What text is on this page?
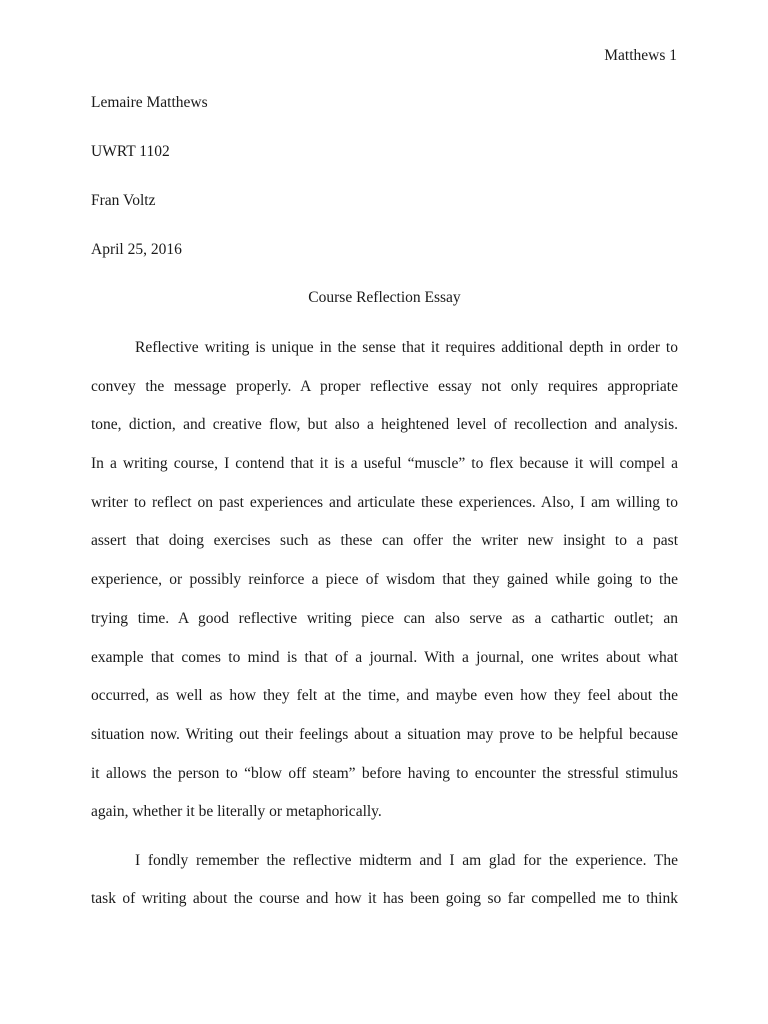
Matthews 1
Lemaire Matthews
UWRT 1102
Fran Voltz
April 25, 2016
Course Reflection Essay
Reflective writing is unique in the sense that it requires additional depth in order to
convey the message properly. A proper reflective essay not only requires appropriate
tone, diction, and creative flow, but also a heightened level of recollection and analysis.
In a writing course, I contend that it is a useful “muscle” to flex because it will compel a
writer to reflect on past experiences and articulate these experiences. Also, I am willing to
assert that doing exercises such as these can offer the writer new insight to a past
experience, or possibly reinforce a piece of wisdom that they gained while going to the
trying time. A good reflective writing piece can also serve as a cathartic outlet; an
example that comes to mind is that of a journal. With a journal, one writes about what
occurred, as well as how they felt at the time, and maybe even how they feel about the
situation now. Writing out their feelings about a situation may prove to be helpful because
it allows the person to “blow off steam” before having to encounter the stressful stimulus
again, whether it be literally or metaphorically.
I fondly remember the reflective midterm and I am glad for the experience. The
task of writing about the course and how it has been going so far compelled me to think
